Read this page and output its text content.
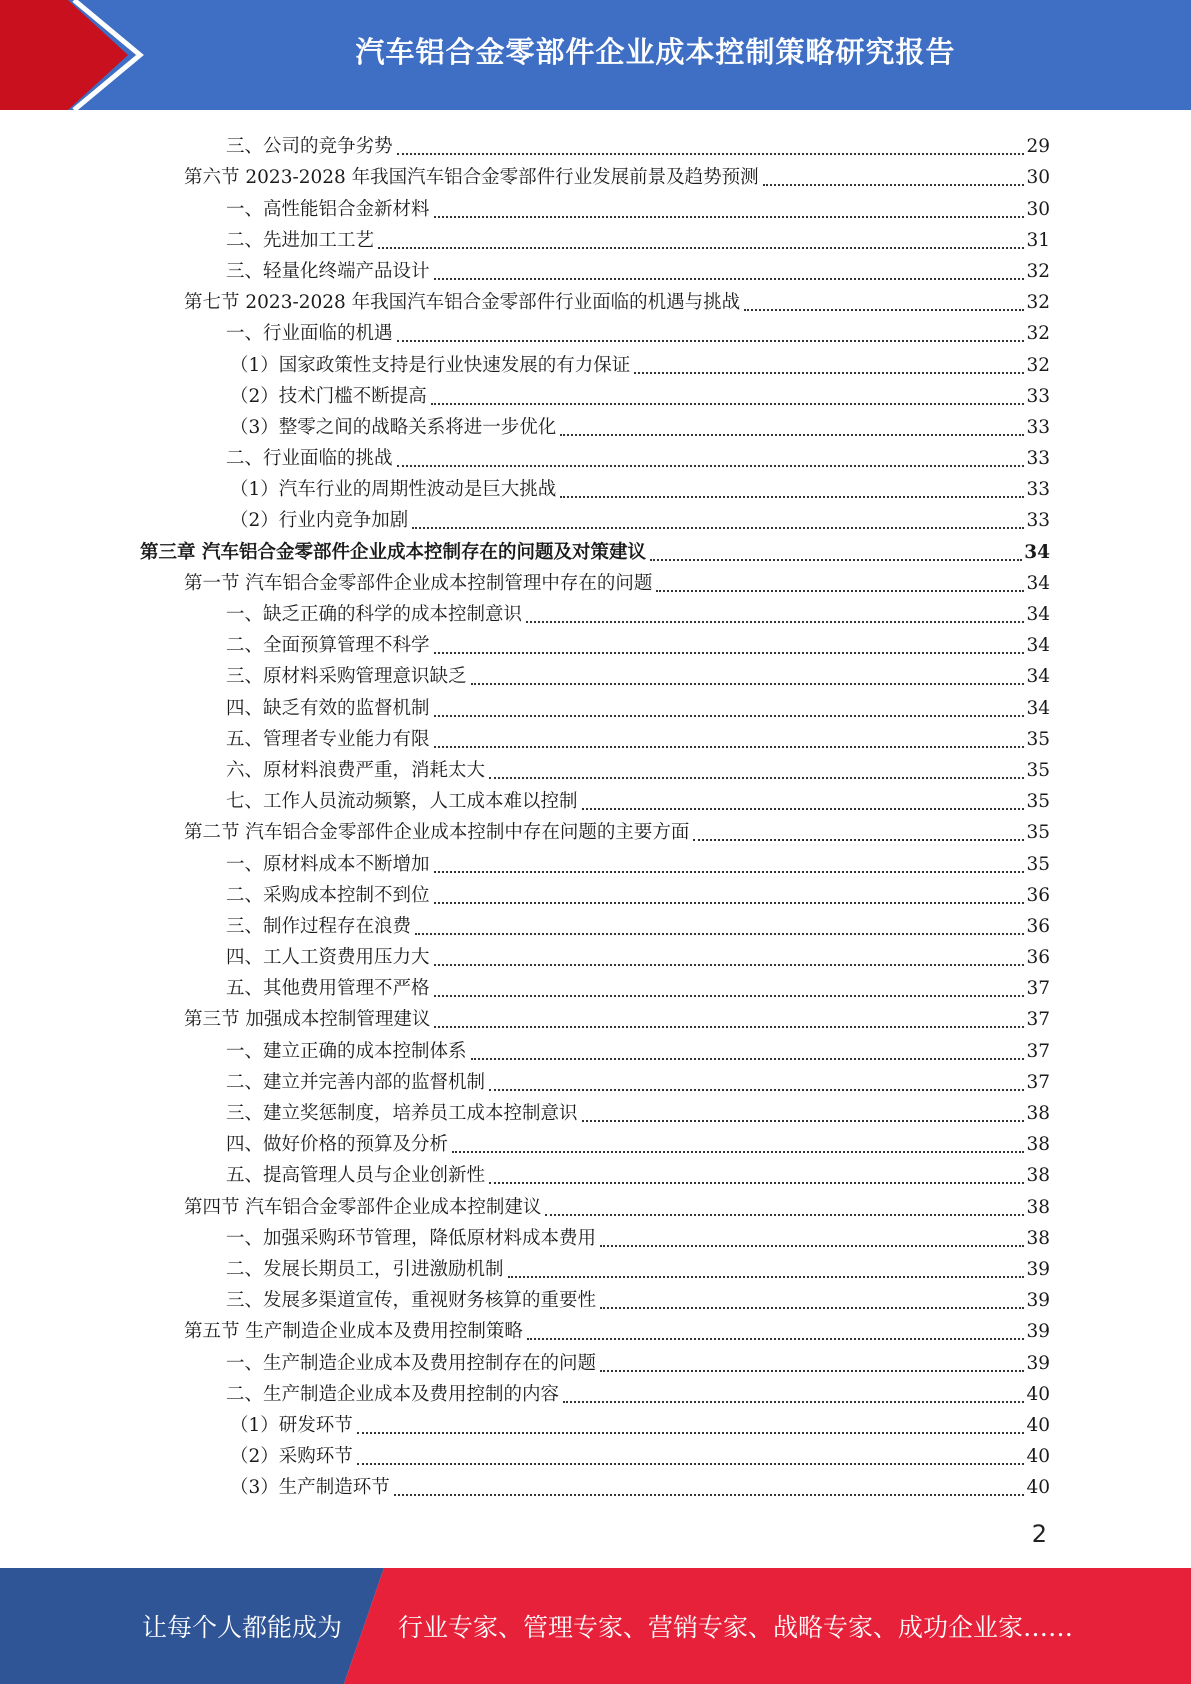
汽车铝合金零部件企业成本控制策略研究报告
三、公司的竞争劣势	29
第六节 2023-2028 年我国汽车铝合金零部件行业发展前景及趋势预测	30
一、高性能铝合金新材料	30
二、先进加工工艺	31
三、轻量化终端产品设计	32
第七节 2023-2028 年我国汽车铝合金零部件行业面临的机遇与挑战	32
一、行业面临的机遇	32
（1）国家政策性支持是行业快速发展的有力保证	32
（2）技术门槛不断提高	33
（3）整零之间的战略关系将进一步优化	33
二、行业面临的挑战	33
（1）汽车行业的周期性波动是巨大挑战	33
（2）行业内竞争加剧	33
第三章 汽车铝合金零部件企业成本控制存在的问题及对策建议	34
第一节 汽车铝合金零部件企业成本控制管理中存在的问题	34
一、缺乏正确的科学的成本控制意识	34
二、全面预算管理不科学	34
三、原材料采购管理意识缺乏	34
四、缺乏有效的监督机制	34
五、管理者专业能力有限	35
六、原材料浪费严重，消耗太大	35
七、工作人员流动频繁，人工成本难以控制	35
第二节 汽车铝合金零部件企业成本控制中存在问题的主要方面	35
一、原材料成本不断增加	35
二、采购成本控制不到位	36
三、制作过程存在浪费	36
四、工人工资费用压力大	36
五、其他费用管理不严格	37
第三节 加强成本控制管理建议	37
一、建立正确的成本控制体系	37
二、建立并完善内部的监督机制	37
三、建立奖惩制度，培养员工成本控制意识	38
四、做好价格的预算及分析	38
五、提高管理人员与企业创新性	38
第四节 汽车铝合金零部件企业成本控制建议	38
一、加强采购环节管理，降低原材料成本费用	38
二、发展长期员工，引进激励机制	39
三、发展多渠道宣传，重视财务核算的重要性	39
第五节 生产制造企业成本及费用控制策略	39
一、生产制造企业成本及费用控制存在的问题	39
二、生产制造企业成本及费用控制的内容	40
（1）研发环节	40
（2）采购环节	40
（3）生产制造环节	40
2
让每个人都能成为 行业专家、管理专家、营销专家、战略专家、成功企业家……
